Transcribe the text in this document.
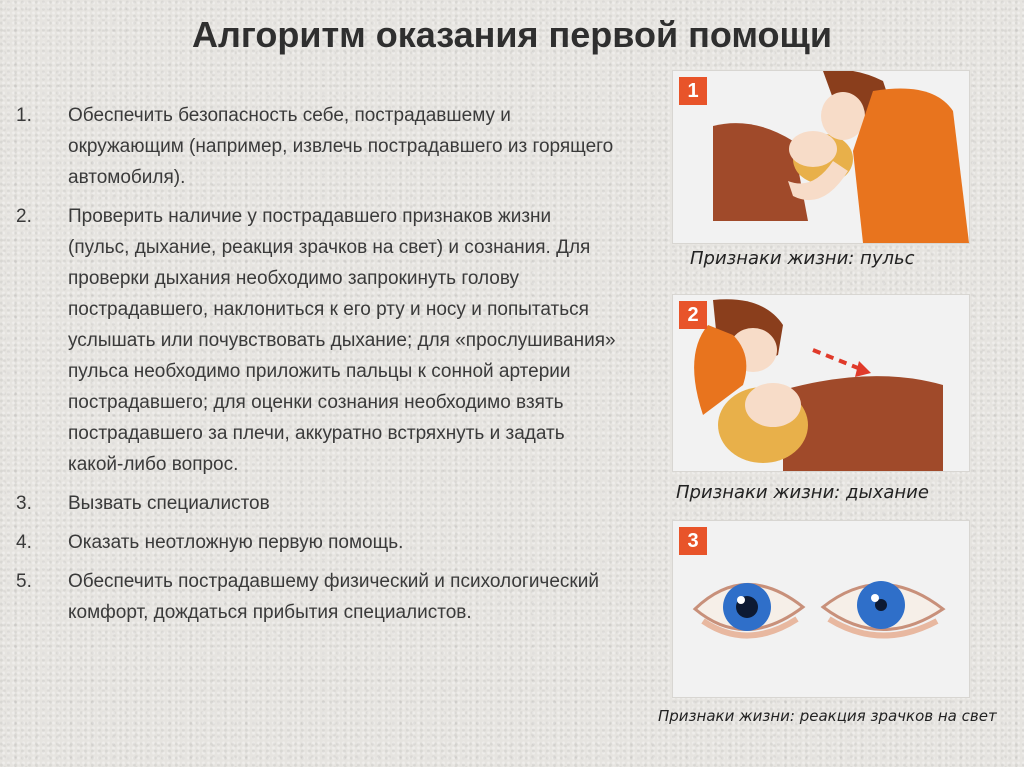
Алгоритм оказания первой помощи
1.	Обеспечить безопасность себе, пострадавшему и окружающим (например, извлечь пострадавшего из горящего автомобиля).
2.	Проверить наличие у пострадавшего признаков жизни (пульс, дыхание, реакция зрачков на свет) и сознания. Для проверки дыхания необходимо запрокинуть голову пострадавшего, наклониться к его рту и носу и попытаться услышать или почувствовать дыхание; для «прослушивания» пульса необходимо приложить пальцы к сонной артерии пострадавшего; для оценки сознания необходимо взять пострадавшего за плечи, аккуратно встряхнуть и задать какой-либо вопрос.
3.	Вызвать специалистов
4.	Оказать неотложную первую помощь.
5.	Обеспечить пострадавшему физический и психологический комфорт, дождаться прибытия специалистов.
1

Признаки жизни: пульс

2

Признаки жизни: дыхание

3

Признаки жизни: реакция зрачков на свет
